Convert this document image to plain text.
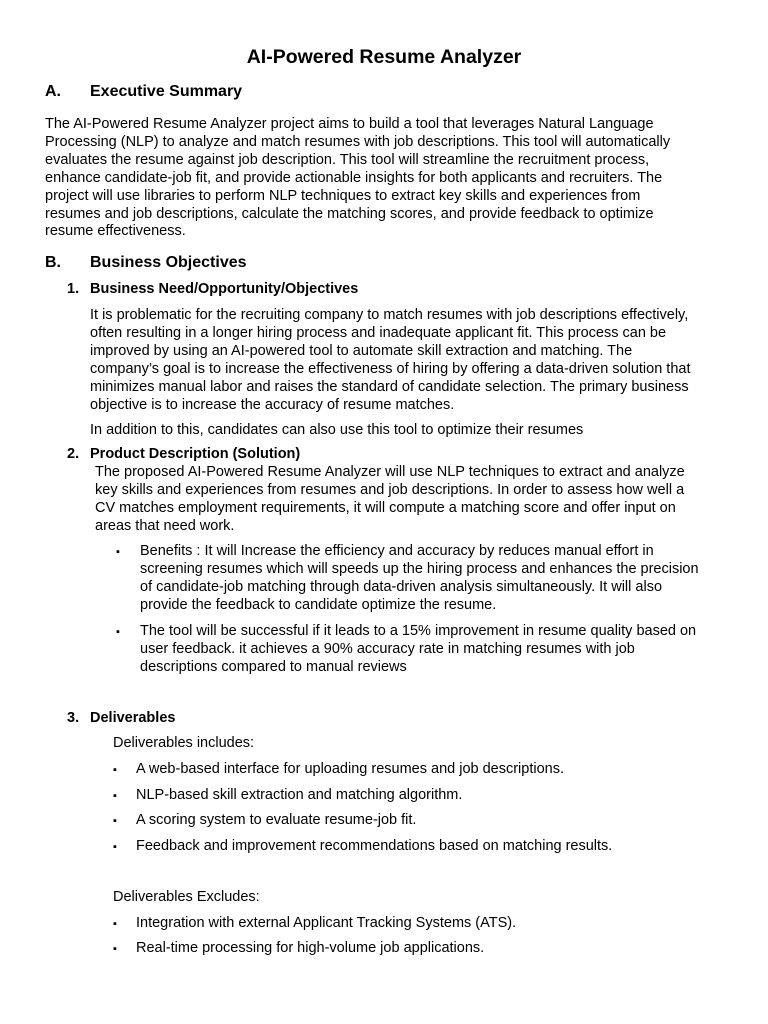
AI-Powered Resume Analyzer
A. Executive Summary
The AI-Powered Resume Analyzer project aims to build a tool that leverages Natural Language
Processing (NLP) to analyze and match resumes with job descriptions. This tool will automatically
evaluates the resume against job description. This tool will streamline the recruitment process,
enhance candidate-job fit, and provide actionable insights for both applicants and recruiters. The
project will use libraries to perform NLP techniques to extract key skills and experiences from
resumes and job descriptions, calculate the matching scores, and provide feedback to optimize
resume effectiveness.
B. Business Objectives
1. Business Need/Opportunity/Objectives
It is problematic for the recruiting company to match resumes with job descriptions effectively,
often resulting in a longer hiring process and inadequate applicant fit. This process can be
improved by using an AI-powered tool to automate skill extraction and matching. The
company’s goal is to increase the effectiveness of hiring by offering a data-driven solution that
minimizes manual labor and raises the standard of candidate selection. The primary business
objective is to increase the accuracy of resume matches.
In addition to this, candidates can also use this tool to optimize their resumes
2. Product Description (Solution)
The proposed AI-Powered Resume Analyzer will use NLP techniques to extract and analyze
key skills and experiences from resumes and job descriptions. In order to assess how well a
CV matches employment requirements, it will compute a matching score and offer input on
areas that need work.
▪ Benefits : It will Increase the efficiency and accuracy by reduces manual effort in
screening resumes which will speeds up the hiring process and enhances the precision
of candidate-job matching through data-driven analysis simultaneously. It will also
provide the feedback to candidate optimize the resume.
▪ The tool will be successful if it leads to a 15% improvement in resume quality based on
user feedback. it achieves a 90% accuracy rate in matching resumes with job
descriptions compared to manual reviews
3. Deliverables
Deliverables includes:
▪ A web-based interface for uploading resumes and job descriptions.
▪ NLP-based skill extraction and matching algorithm.
▪ A scoring system to evaluate resume-job fit.
▪ Feedback and improvement recommendations based on matching results.
Deliverables Excludes:
▪ Integration with external Applicant Tracking Systems (ATS).
▪ Real-time processing for high-volume job applications.
